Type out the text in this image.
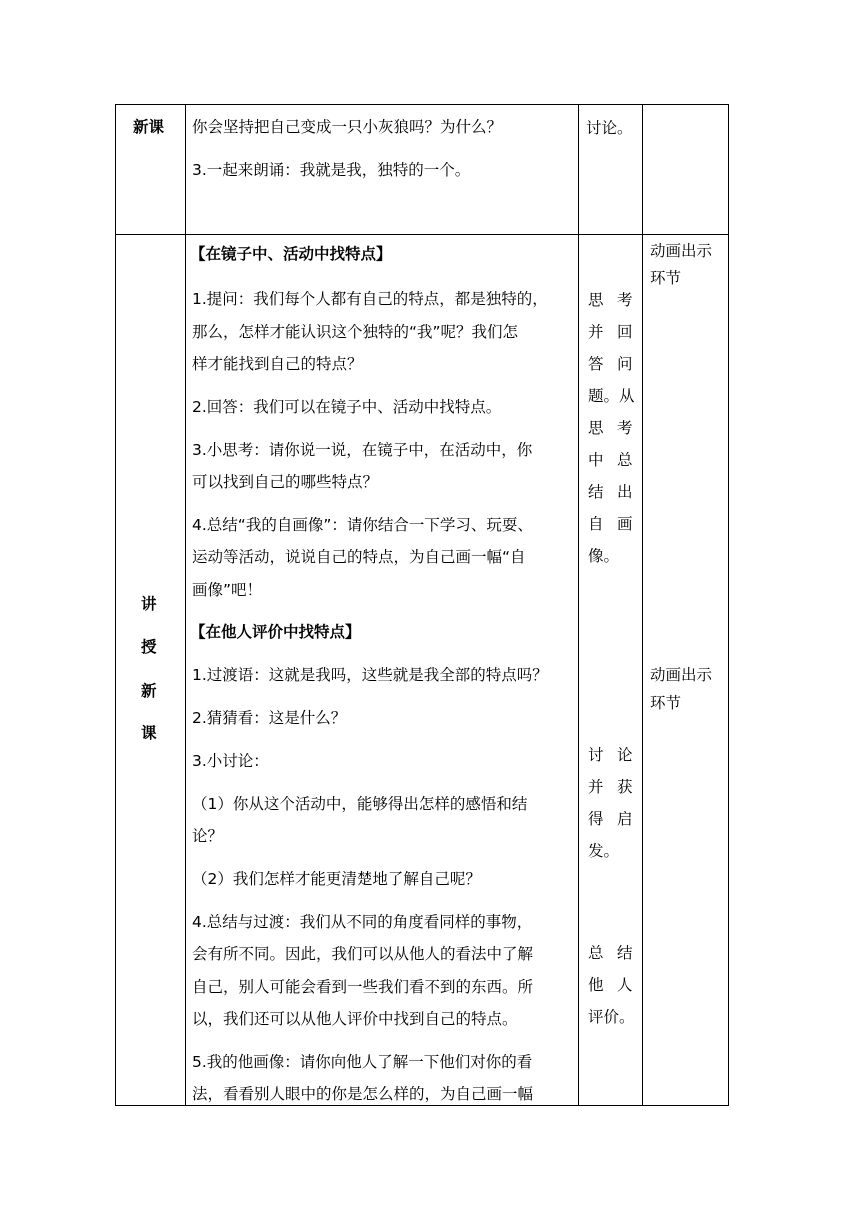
新课 你会坚持把自己变成一只小灰狼吗？为什么？
3.一起来朗诵：我就是我，独特的一个。
讨论。
讲
授
新
课
【在镜子中、活动中找特点】
1.提问：我们每个人都有自己的特点，都是独特的，
那么，怎样才能认识这个独特的“我”呢？我们怎
样才能找到自己的特点？
2.回答：我们可以在镜子中、活动中找特点。
3.小思考：请你说一说，在镜子中，在活动中，你
可以找到自己的哪些特点？
4.总结“我的自画像”：请你结合一下学习、玩耍、
运动等活动，说说自己的特点，为自己画一幅“自
画像”吧！
【在他人评价中找特点】
1.过渡语：这就是我吗，这些就是我全部的特点吗？
2.猜猜看：这是什么？
3.小讨论：
（1）你从这个活动中，能够得出怎样的感悟和结
论？
（2）我们怎样才能更清楚地了解自己呢？
4.总结与过渡：我们从不同的角度看同样的事物，
会有所不同。因此，我们可以从他人的看法中了解
自己，别人可能会看到一些我们看不到的东西。所
以，我们还可以从他人评价中找到自己的特点。
5.我的他画像：请你向他人了解一下他们对你的看
法，看看别人眼中的你是怎么样的，为自己画一幅
思 考
并 回
答 问
题。从
思 考
中 总
结 出
自 画
像。
讨 论
并 获
得 启
发。
总 结
他 人
评价。
动画出示
环节
动画出示
环节
